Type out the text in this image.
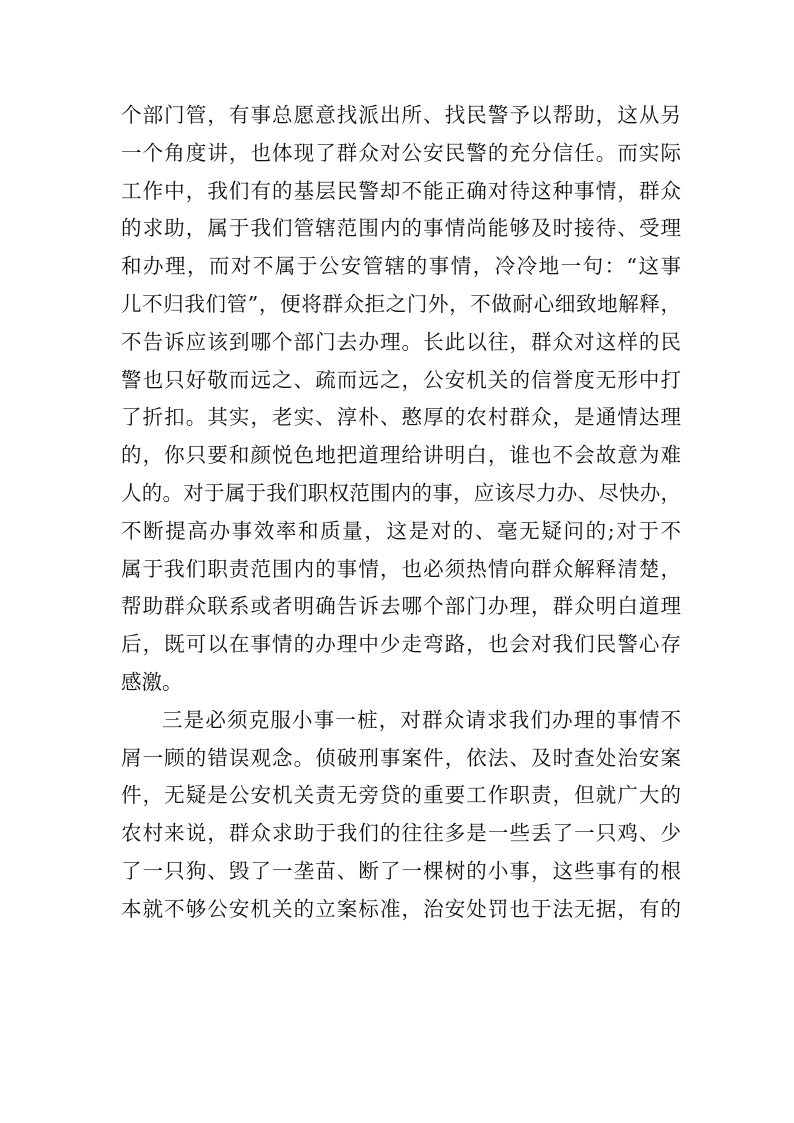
个部门管，有事总愿意找派出所、找民警予以帮助，这从另
一个角度讲，也体现了群众对公安民警的充分信任。而实际
工作中，我们有的基层民警却不能正确对待这种事情，群众
的求助，属于我们管辖范围内的事情尚能够及时接待、受理
和办理，而对不属于公安管辖的事情，冷冷地一句：“这事
儿不归我们管”，便将群众拒之门外，不做耐心细致地解释，
不告诉应该到哪个部门去办理。长此以往，群众对这样的民
警也只好敬而远之、疏而远之，公安机关的信誉度无形中打
了折扣。其实，老实、淳朴、憨厚的农村群众，是通情达理
的，你只要和颜悦色地把道理给讲明白，谁也不会故意为难
人的。对于属于我们职权范围内的事，应该尽力办、尽快办，
不断提高办事效率和质量，这是对的、毫无疑问的;对于不
属于我们职责范围内的事情，也必须热情向群众解释清楚，
帮助群众联系或者明确告诉去哪个部门办理，群众明白道理
后，既可以在事情的办理中少走弯路，也会对我们民警心存
感激。
三是必须克服小事一桩，对群众请求我们办理的事情不
屑一顾的错误观念。侦破刑事案件，依法、及时查处治安案
件，无疑是公安机关责无旁贷的重要工作职责，但就广大的
农村来说，群众求助于我们的往往多是一些丢了一只鸡、少
了一只狗、毁了一垄苗、断了一棵树的小事，这些事有的根
本就不够公安机关的立案标准，治安处罚也于法无据，有的
